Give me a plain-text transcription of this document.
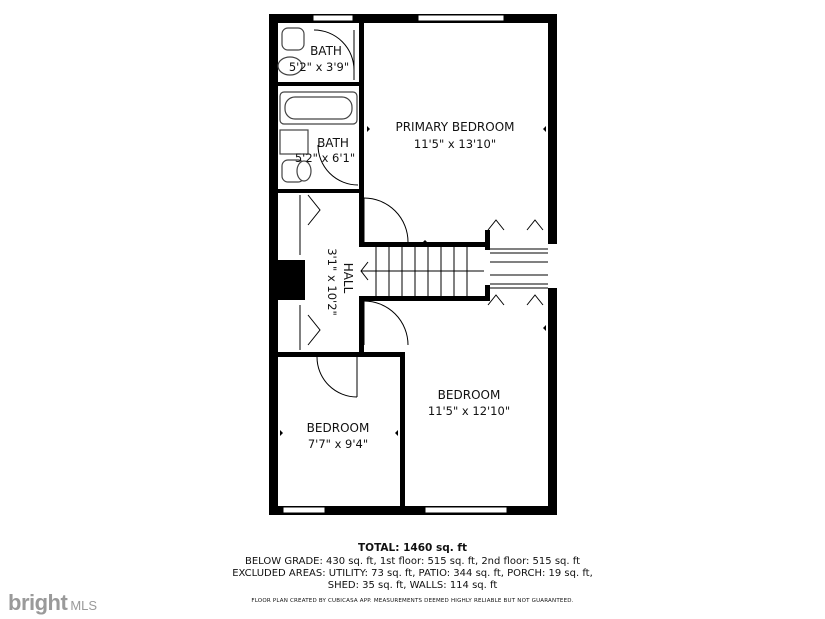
BATH
5'2" x 3'9"
BATH
5'2" x 6'1"
PRIMARY BEDROOM
11'5" x 13'10"
HALL
3'1" x 10'2"
BEDROOM
11'5" x 12'10"
BEDROOM
7'7" x 9'4"
TOTAL: 1460 sq. ft
BELOW GRADE: 430 sq. ft, 1st floor: 515 sq. ft, 2nd floor: 515 sq. ft
EXCLUDED AREAS: UTILITY: 73 sq. ft, PATIO: 344 sq. ft, PORCH: 19 sq. ft,
SHED: 35 sq. ft, WALLS: 114 sq. ft
FLOOR PLAN CREATED BY CUBICASA APP. MEASUREMENTS DEEMED HIGHLY RELIABLE BUT NOT GUARANTEED.
bright MLS
